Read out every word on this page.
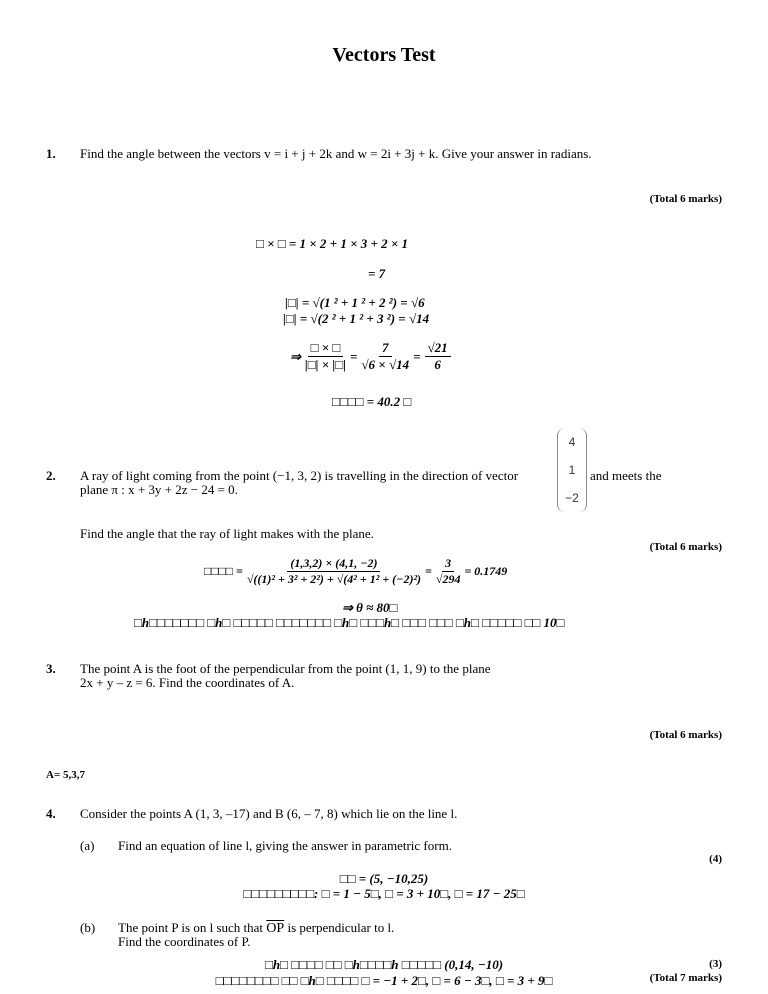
Vectors Test
1. Find the angle between the vectors v = i + j + 2k and w = 2i + 3j + k. Give your answer in radians.
(Total 6 marks)
□ × □ = 1 × 2 + 1 × 3 + 2 × 1
= 7
|□| = √(1 ² + 1 ² + 2 ²) = √6
|□| = √(2 ² + 1 ² + 3 ²) = √14
⇒ $\frac{□ \times □}{|□| \times |□|} = \frac{7}{√6 \times √14} = \frac{√21}{6}$
□□□□ = 40.2 □
4
1
−2
2. A ray of light coming from the point (−1, 3, 2) is travelling in the direction of vector	and meets the
plane π : x + 3y + 2z − 24 = 0.
Find the angle that the ray of light makes with the plane.
(Total 6 marks)
□□□□ = $\frac{(1,3,2) \times (4,1, -2)}{\text{√((1)² + 3² + 2²) + √(4² + 1² + (−2)²)}} = \frac{3}{√294} = 0.1749$
⇒ θ ≈ 80□
□h□□□□□□□ □h□ □□□□□ □□□□□□□ □h□ □□□h□ □□□ □□□ □h□ □□□□□ □□ 10□
3. The point A is the foot of the perpendicular from the point (1, 1, 9) to the plane
2x + y – z = 6. Find the coordinates of A.
(Total 6 marks)
A= 5,3,7
4. Consider the points A (1, 3, –17) and B (6, – 7, 8) which lie on the line l.
(a) Find an equation of line l, giving the answer in parametric form.
(4)
□□ = (5, −10,25)
□□□□□□□□□: □ = 1 − 5□, □ = 3 + 10□, □ = 17 − 25□
(b) The point P is on l such that $\overline{OP}$ is perpendicular to l.
Find the coordinates of P.
(3)
(Total 7 marks)
□h□ □□□□ □□ □h□□□□h □□□□□ (0,14, −10)
□□□□□□□□ □□ □h□ □□□□ □ = −1 + 2□, □ = 6 − 3□, □ = 3 + 9□
